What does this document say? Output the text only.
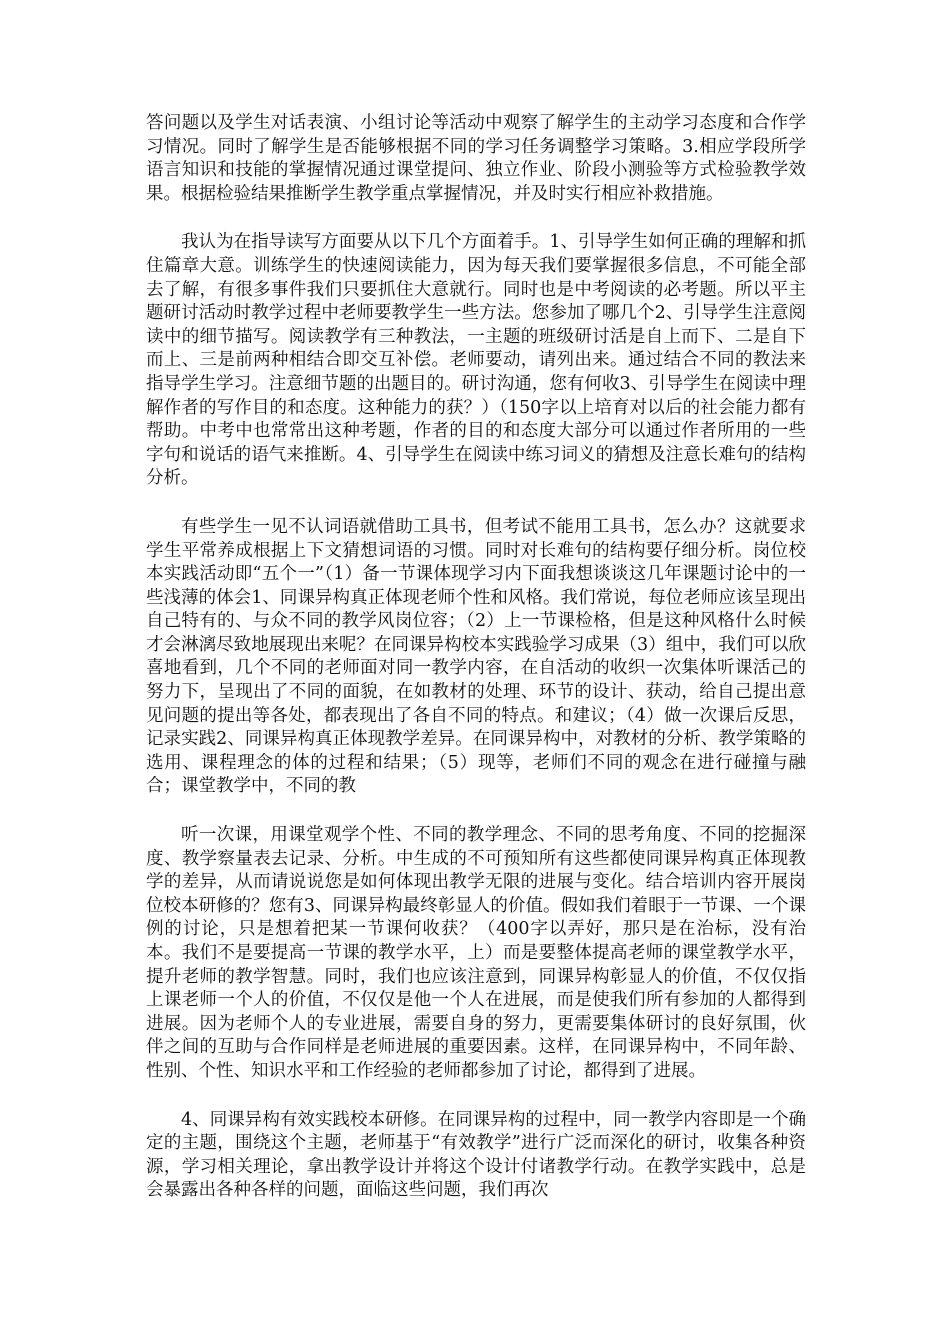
答问题以及学生对话表演、小组讨论等活动中观察了解学生的主动学习态度和合作学习情况。同时了解学生是否能够根据不同的学习任务调整学习策略。3.相应学段所学语言知识和技能的掌握情况通过课堂提问、独立作业、阶段小测验等方式检验教学效果。根据检验结果推断学生教学重点掌握情况，并及时实行相应补救措施。

我认为在指导读写方面要从以下几个方面着手。1、引导学生如何正确的理解和抓住篇章大意。训练学生的快速阅读能力，因为每天我们要掌握很多信息，不可能全部去了解，有很多事件我们只要抓住大意就行。同时也是中考阅读的必考题。所以平主题研讨活动时教学过程中老师要教学生一些方法。您参加了哪几个2、引导学生注意阅读中的细节描写。阅读教学有三种教法，一主题的班级研讨活是自上而下、二是自下而上、三是前两种相结合即交互补偿。老师要动，请列出来。通过结合不同的教法来指导学生学习。注意细节题的出题目的。研讨沟通，您有何收3、引导学生在阅读中理解作者的写作目的和态度。这种能力的获？）（150字以上培育对以后的社会能力都有帮助。中考中也常常出这种考题，作者的目的和态度大部分可以通过作者所用的一些字句和说话的语气来推断。4、引导学生在阅读中练习词义的猜想及注意长难句的结构分析。

有些学生一见不认词语就借助工具书，但考试不能用工具书，怎么办？这就要求学生平常养成根据上下文猜想词语的习惯。同时对长难句的结构要仔细分析。岗位校本实践活动即“五个一”（1）备一节课体现学习内下面我想谈谈这几年课题讨论中的一些浅薄的体会1、同课异构真正体现老师个性和风格。我们常说，每位老师应该呈现出自己特有的、与众不同的教学风岗位容；（2）上一节课检格，但是这种风格什么时候才会淋漓尽致地展现出来呢？在同课异构校本实践验学习成果（3）组中，我们可以欣喜地看到，几个不同的老师面对同一教学内容，在自活动的收织一次集体听课活己的努力下，呈现出了不同的面貌，在如教材的处理、环节的设计、获动，给自己提出意见问题的提出等各处，都表现出了各自不同的特点。和建议；（4）做一次课后反思，记录实践2、同课异构真正体现教学差异。在同课异构中，对教材的分析、教学策略的选用、课程理念的体的过程和结果；（5）现等，老师们不同的观念在进行碰撞与融合；课堂教学中，不同的教

听一次课，用课堂观学个性、不同的教学理念、不同的思考角度、不同的挖掘深度、教学察量表去记录、分析。中生成的不可预知所有这些都使同课异构真正体现教学的差异，从而请说说您是如何体现出教学无限的进展与变化。结合培训内容开展岗位校本研修的？您有3、同课异构最终彰显人的价值。假如我们着眼于一节课、一个课例的讨论，只是想着把某一节课何收获？（400字以弄好，那只是在治标，没有治本。我们不是要提高一节课的教学水平，上）而是要整体提高老师的课堂教学水平，提升老师的教学智慧。同时，我们也应该注意到，同课异构彰显人的价值，不仅仅指上课老师一个人的价值，不仅仅是他一个人在进展，而是使我们所有参加的人都得到进展。因为老师个人的专业进展，需要自身的努力，更需要集体研讨的良好氛围，伙伴之间的互助与合作同样是老师进展的重要因素。这样，在同课异构中，不同年龄、性别、个性、知识水平和工作经验的老师都参加了讨论，都得到了进展。

4、同课异构有效实践校本研修。在同课异构的过程中，同一教学内容即是一个确定的主题，围绕这个主题，老师基于“有效教学”进行广泛而深化的研讨，收集各种资源，学习相关理论，拿出教学设计并将这个设计付诸教学行动。在教学实践中，总是会暴露出各种各样的问题，面临这些问题，我们再次
